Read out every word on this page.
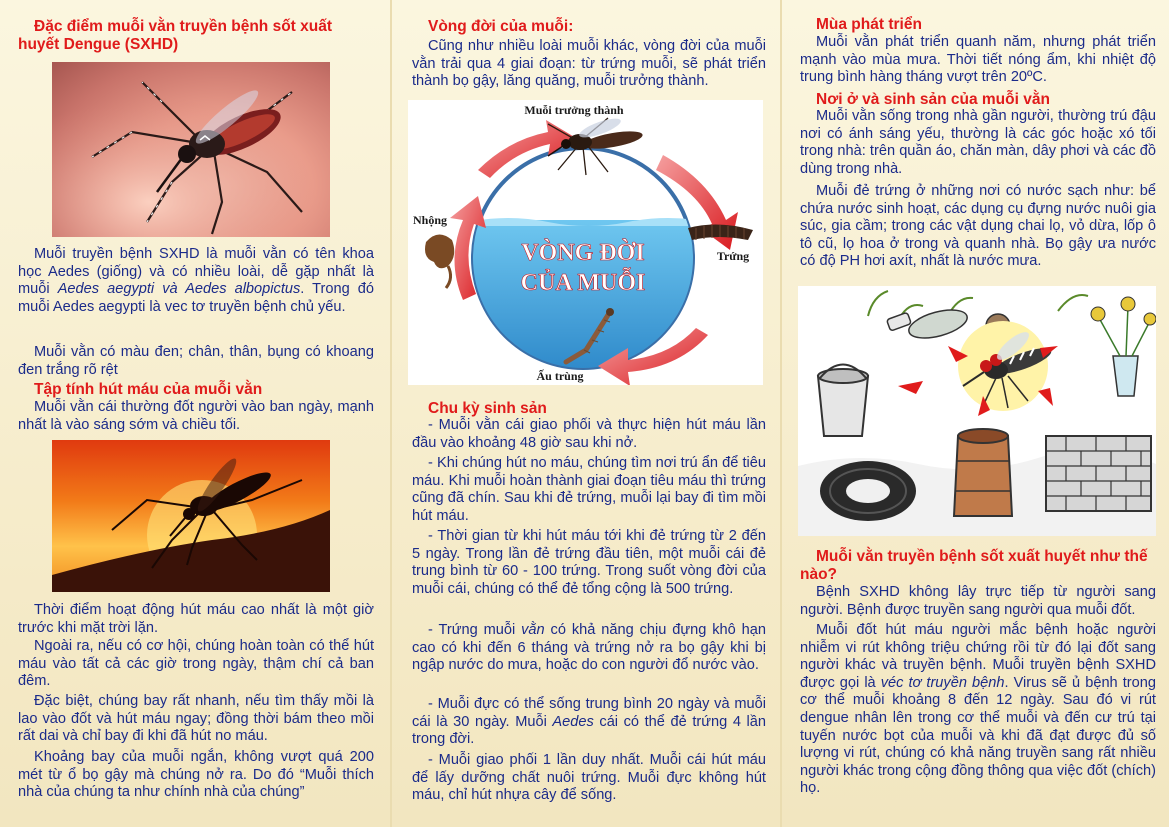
Đặc điểm muỗi vằn truyền bệnh sốt xuất huyết Dengue (SXHD)
Muỗi truyền bệnh SXHD là muỗi vằn có tên khoa học Aedes (giống) và có nhiều loài, dễ gặp nhất là muỗi Aedes aegypti và Aedes albopictus. Trong đó muỗi Aedes aegypti là vec tơ truyền bệnh chủ yếu.
Muỗi vằn có màu đen; chân, thân, bụng có khoang đen trắng rõ rệt
Tập tính hút máu của muỗi vằn
Muỗi vằn cái thường đốt người vào ban ngày, mạnh nhất là vào sáng sớm và chiều tối.
Thời điểm hoạt động hút máu cao nhất là một giờ trước khi mặt trời lặn.
Ngoài ra, nếu có cơ hội, chúng hoàn toàn có thể hút máu vào tất cả các giờ trong ngày, thậm chí cả ban đêm.
Đặc biệt, chúng bay rất nhanh, nếu tìm thấy mồi là lao vào đốt và hút máu ngay; đồng thời bám theo mồi rất dai và chỉ bay đi khi đã hút no máu.
Khoảng bay của muỗi ngắn, không vượt quá 200 mét từ ổ bọ gậy mà chúng nở ra. Do đó “Muỗi thích nhà của chúng ta như chính nhà của chúng”
Vòng đời của muỗi:
Cũng như nhiều loài muỗi khác, vòng đời của muỗi vằn trải qua 4 giai đoạn: từ trứng muỗi, sẽ phát triển thành bọ gậy, lăng quăng, muỗi trưởng thành.
VÒNG ĐỜI
CỦA MUỖI
Muỗi trưởng thành
Trứng
Nhộng
Ấu trùng
Chu kỳ sinh sản
- Muỗi vằn cái giao phối và thực hiện hút máu lần đầu vào khoảng 48 giờ sau khi nở.
- Khi chúng hút no máu, chúng tìm nơi trú ẩn để tiêu máu. Khi muỗi hoàn thành giai đoạn tiêu máu thì trứng cũng đã chín. Sau khi đẻ trứng, muỗi lại bay đi tìm mồi hút máu.
- Thời gian từ khi hút máu tới khi đẻ trứng từ 2 đến 5 ngày. Trong lần đẻ trứng đầu tiên, một muỗi cái đẻ trung bình từ 60 - 100 trứng. Trong suốt vòng đời của muỗi cái, chúng có thể đẻ tổng cộng là 500 trứng.
- Trứng muỗi vằn có khả năng chịu đựng khô hạn cao có khi đến 6 tháng và trứng nở ra bọ gậy khi bị ngập nước do mưa, hoặc do con người đổ nước vào.
- Muỗi đực có thể sống trung bình 20 ngày và muỗi cái là 30 ngày. Muỗi Aedes cái có thể đẻ trứng 4 lần trong đời.
- Muỗi giao phối 1 lần duy nhất. Muỗi cái hút máu để lấy dưỡng chất nuôi trứng. Muỗi đực không hút máu, chỉ hút nhựa cây để sống.
Mùa phát triển
Muỗi vằn phát triển quanh năm, nhưng phát triển mạnh vào mùa mưa. Thời tiết nóng ẩm, khi nhiệt độ trung bình hàng tháng vượt trên 20ºC.
Nơi ở và sinh sản của muỗi vằn
Muỗi vằn sống trong nhà gần người, thường trú đậu nơi có ánh sáng yếu, thường là các góc hoặc xó tối trong nhà: trên quần áo, chăn màn, dây phơi và các đồ dùng trong nhà.
Muỗi đẻ trứng ở những nơi có nước sạch như: bể chứa nước sinh hoạt, các dụng cụ đựng nước nuôi gia súc, gia cầm; trong các vật dụng chai lọ, vỏ dừa, lốp ô tô cũ, lọ hoa ở trong và quanh nhà. Bọ gậy ưa nước có độ PH hơi axít, nhất là nước mưa.
Muỗi vằn truyền bệnh sốt xuất huyết như thế nào?
Bệnh SXHD không lây trực tiếp từ người sang người. Bệnh được truyền sang người qua muỗi đốt.
Muỗi đốt hút máu người mắc bệnh hoặc người nhiễm vi rút không triệu chứng rồi từ đó lại đốt sang người khác và truyền bệnh. Muỗi truyền bệnh SXHD được gọi là véc tơ truyền bệnh. Virus sẽ ủ bệnh trong cơ thể muỗi khoảng 8 đến 12 ngày. Sau đó vi rút dengue nhân lên trong cơ thể muỗi và đến cư trú tại tuyến nước bọt của muỗi và khi đã đạt được đủ số lượng vi rút, chúng có khả năng truyền sang rất nhiều người khác trong cộng đồng thông qua việc đốt (chích) họ.
